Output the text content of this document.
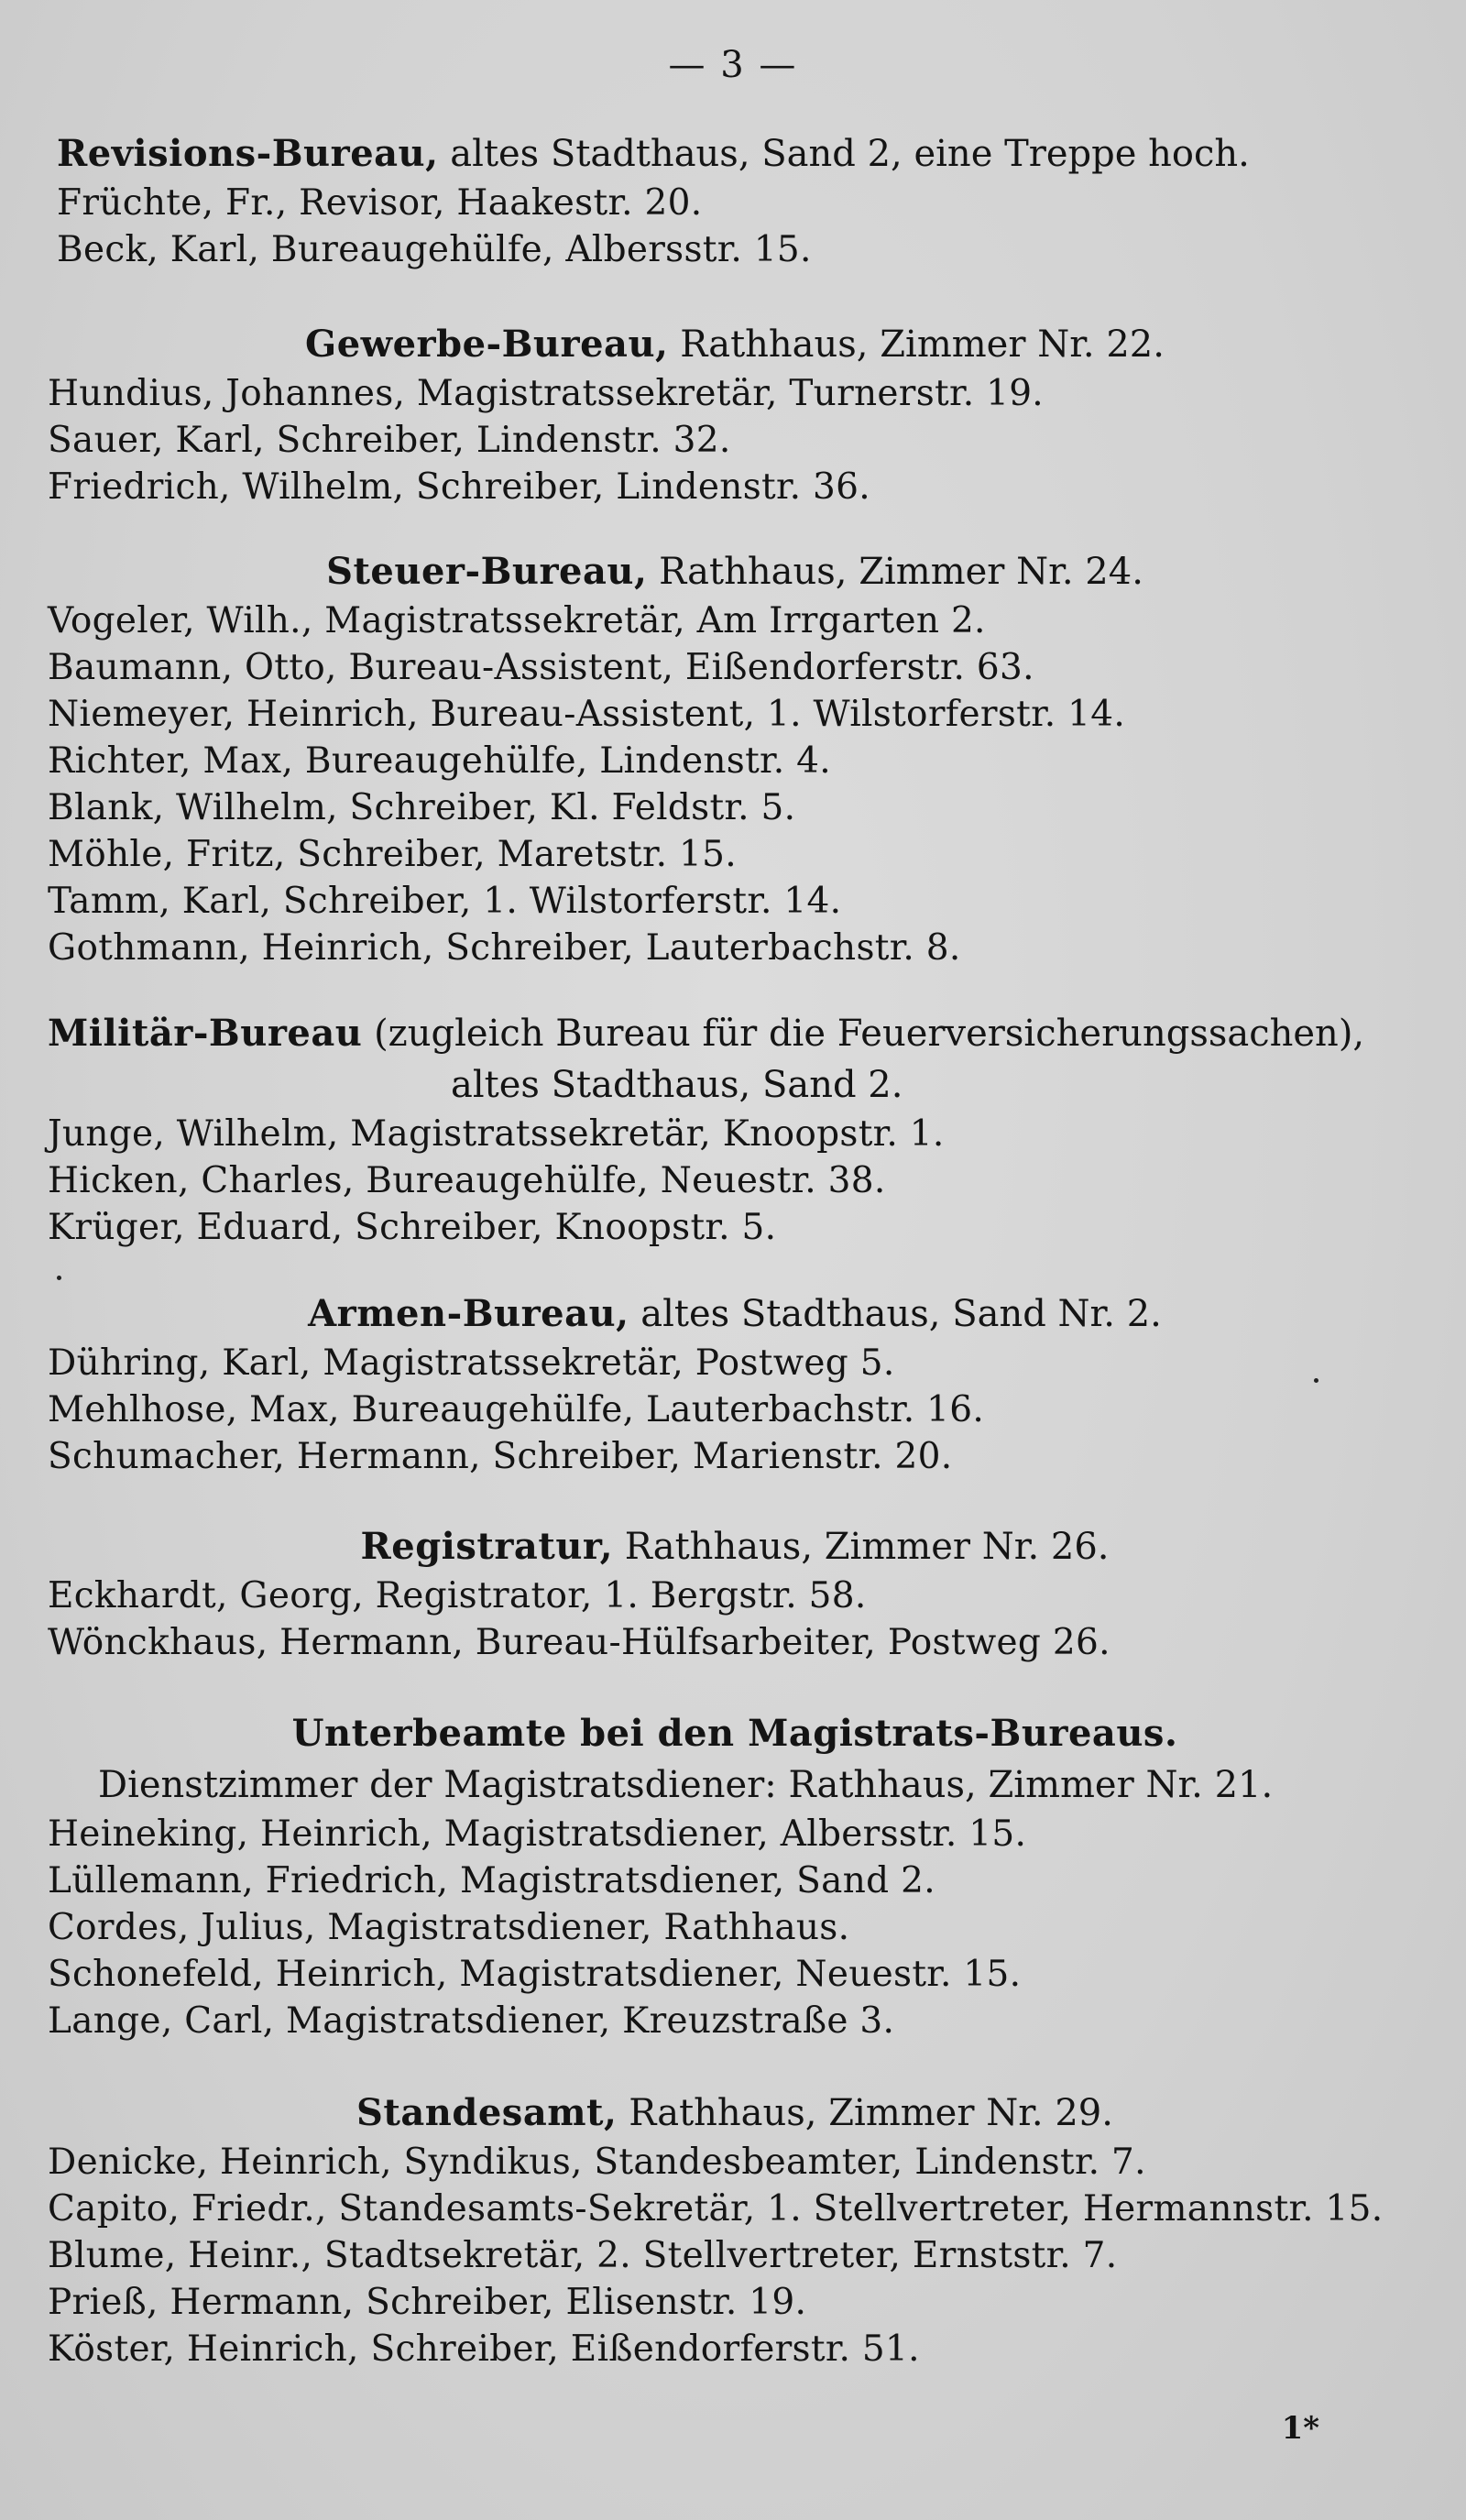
— 3 —
Revisions-Bureau, altes Stadthaus, Sand 2, eine Treppe hoch.
Früchte, Fr., Revisor, Haakestr. 20.
Beck, Karl, Bureaugehülfe, Albersstr. 15.
Gewerbe-Bureau, Rathhaus, Zimmer Nr. 22.
Hundius, Johannes, Magistratssekretär, Turnerstr. 19.
Sauer, Karl, Schreiber, Lindenstr. 32.
Friedrich, Wilhelm, Schreiber, Lindenstr. 36.
Steuer-Bureau, Rathhaus, Zimmer Nr. 24.
Vogeler, Wilh., Magistratssekretär, Am Irrgarten 2.
Baumann, Otto, Bureau-Assistent, Eißendorferstr. 63.
Niemeyer, Heinrich, Bureau-Assistent, 1. Wilstorferstr. 14.
Richter, Max, Bureaugehülfe, Lindenstr. 4.
Blank, Wilhelm, Schreiber, Kl. Feldstr. 5.
Möhle, Fritz, Schreiber, Maretstr. 15.
Tamm, Karl, Schreiber, 1. Wilstorferstr. 14.
Gothmann, Heinrich, Schreiber, Lauterbachstr. 8.
Militär-Bureau (zugleich Bureau für die Feuerversicherungssachen),
altes Stadthaus, Sand 2.
Junge, Wilhelm, Magistratssekretär, Knoopstr. 1.
Hicken, Charles, Bureaugehülfe, Neuestr. 38.
Krüger, Eduard, Schreiber, Knoopstr. 5.
Armen-Bureau, altes Stadthaus, Sand Nr. 2.
Dühring, Karl, Magistratssekretär, Postweg 5.
Mehlhose, Max, Bureaugehülfe, Lauterbachstr. 16.
Schumacher, Hermann, Schreiber, Marienstr. 20.
Registratur, Rathhaus, Zimmer Nr. 26.
Eckhardt, Georg, Registrator, 1. Bergstr. 58.
Wönckhaus, Hermann, Bureau-Hülfsarbeiter, Postweg 26.
Unterbeamte bei den Magistrats-Bureaus.
Dienstzimmer der Magistratsdiener: Rathhaus, Zimmer Nr. 21.
Heineking, Heinrich, Magistratsdiener, Albersstr. 15.
Lüllemann, Friedrich, Magistratsdiener, Sand 2.
Cordes, Julius, Magistratsdiener, Rathhaus.
Schonefeld, Heinrich, Magistratsdiener, Neuestr. 15.
Lange, Carl, Magistratsdiener, Kreuzstraße 3.
Standesamt, Rathhaus, Zimmer Nr. 29.
Denicke, Heinrich, Syndikus, Standesbeamter, Lindenstr. 7.
Capito, Friedr., Standesamts-Sekretär, 1. Stellvertreter, Hermannstr. 15.
Blume, Heinr., Stadtsekretär, 2. Stellvertreter, Ernststr. 7.
Prieß, Hermann, Schreiber, Elisenstr. 19.
Köster, Heinrich, Schreiber, Eißendorferstr. 51.
1*
